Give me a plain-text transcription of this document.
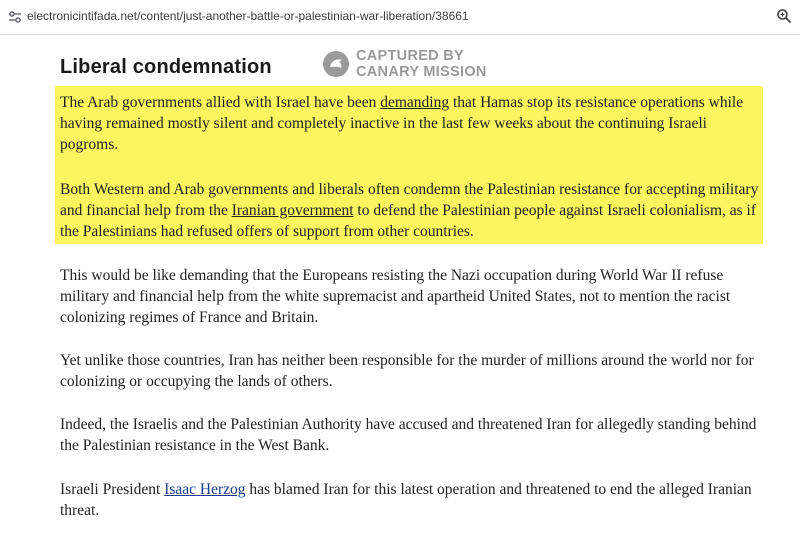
electronicintifada.net/content/just-another-battle-or-palestinian-war-liberation/38661
Liberal condemnation	CAPTURED BY
CANARY MISSION

The Arab governments allied with Israel have been demanding that Hamas stop its resistance operations while having remained mostly silent and completely inactive in the last few weeks about the continuing Israeli pogroms.

Both Western and Arab governments and liberals often condemn the Palestinian resistance for accepting military and financial help from the Iranian government to defend the Palestinian people against Israeli colonialism, as if the Palestinians had refused offers of support from other countries.

This would be like demanding that the Europeans resisting the Nazi occupation during World War II refuse military and financial help from the white supremacist and apartheid United States, not to mention the racist colonizing regimes of France and Britain.

Yet unlike those countries, Iran has neither been responsible for the murder of millions around the world nor for colonizing or occupying the lands of others.

Indeed, the Israelis and the Palestinian Authority have accused and threatened Iran for allegedly standing behind the Palestinian resistance in the West Bank.

Israeli President Isaac Herzog has blamed Iran for this latest operation and threatened to end the alleged Iranian threat.
